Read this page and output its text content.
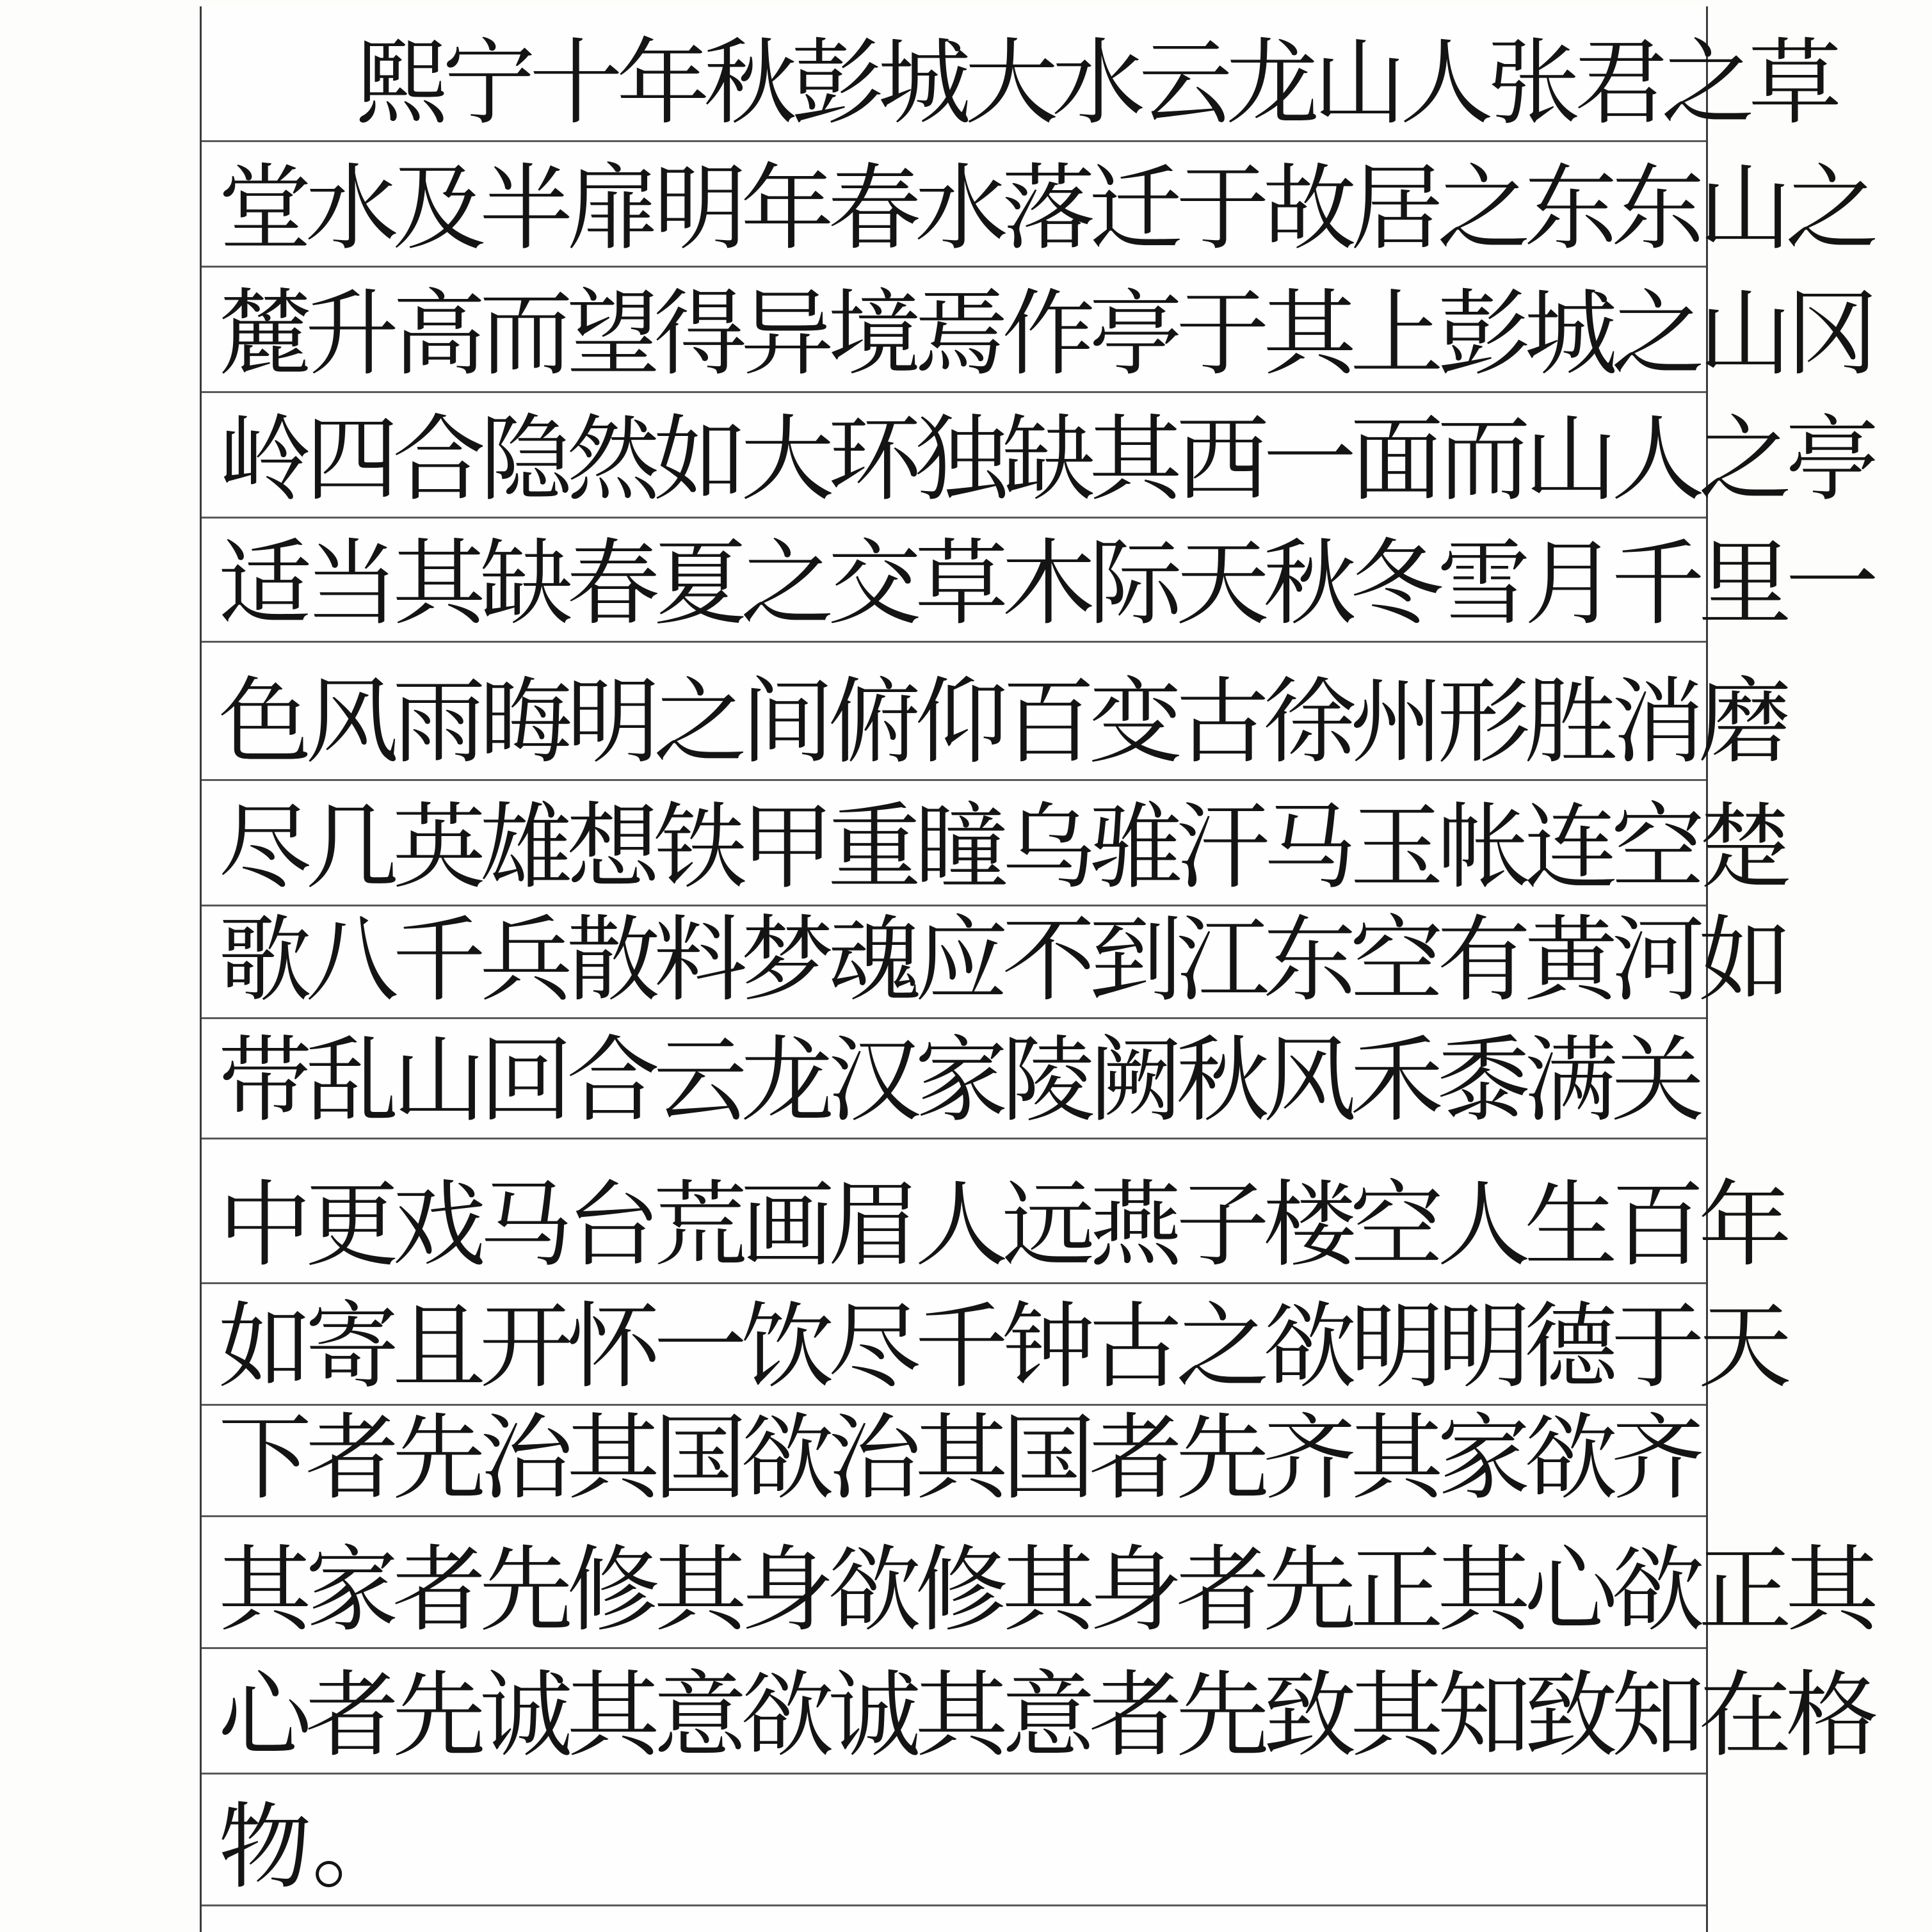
熙宁十年秋彭城大水云龙山人张君之草
堂水及半扉明年春水落迁于故居之东东山之
麓升高而望得异境焉作亭于其上彭城之山冈
岭四合隐然如大环独缺其西一面而山人之亭
适当其缺春夏之交草木际天秋冬雪月千里一
色风雨晦明之间俯仰百变古徐州形胜消磨
尽几英雄想铁甲重瞳乌骓汗马玉帐连空楚
歌八千兵散料梦魂应不到江东空有黄河如
带乱山回合云龙汉家陵阙秋风禾黍满关
中更戏马台荒画眉人远燕子楼空人生百年
如寄且开怀一饮尽千钟古之欲明明德于天
下者先治其国欲治其国者先齐其家欲齐
其家者先修其身欲修其身者先正其心欲正其
心者先诚其意欲诚其意者先致其知致知在格
物。
